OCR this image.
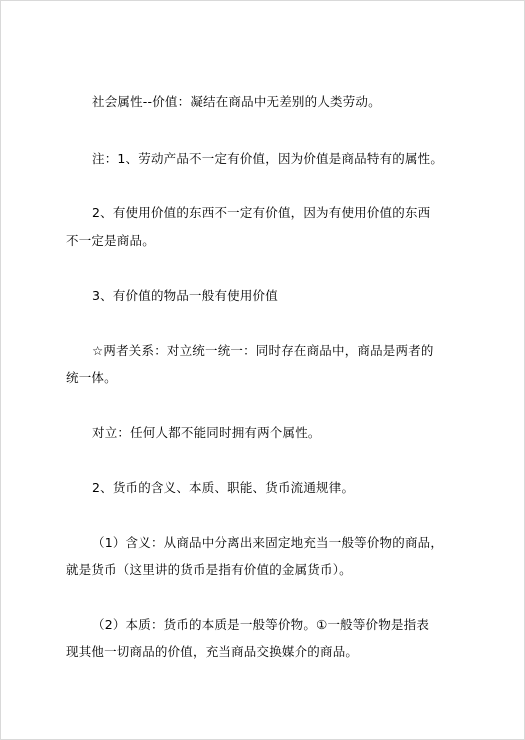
社会属性--价值：凝结在商品中无差别的人类劳动。
注：1、劳动产品不一定有价值，因为价值是商品特有的属性。
2、有使用价值的东西不一定有价值，因为有使用价值的东西
不一定是商品。
3、有价值的物品一般有使用价值
☆两者关系：对立统一统一：同时存在商品中，商品是两者的
统一体。
对立：任何人都不能同时拥有两个属性。
2、货币的含义、本质、职能、货币流通规律。
（1）含义：从商品中分离出来固定地充当一般等价物的商品，
就是货币（这里讲的货币是指有价值的金属货币）。
（2）本质：货币的本质是一般等价物。①一般等价物是指表
现其他一切商品的价值，充当商品交换媒介的商品。
